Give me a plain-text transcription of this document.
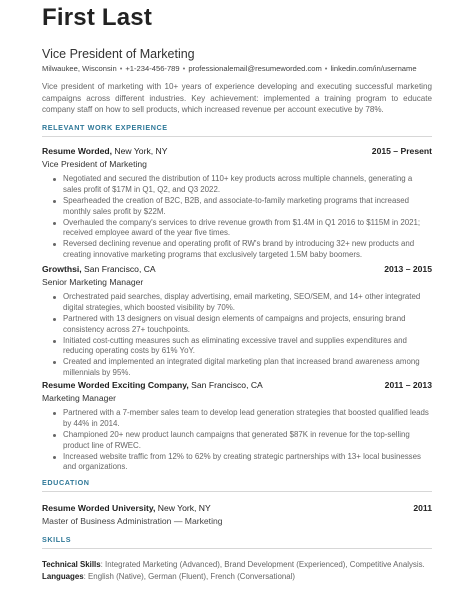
First Last
Vice President of Marketing
Milwaukee, Wisconsin • +1-234-456-789 • professionalemail@resumeworded.com • linkedin.com/in/username
Vice president of marketing with 10+ years of experience developing and executing successful marketing campaigns across different industries. Key achievement: implemented a training program to educate company staff on how to sell products, which increased revenue per account executive by 78%.
RELEVANT WORK EXPERIENCE
Resume Worded, New York, NY	2015 – Present
Vice President of Marketing
Negotiated and secured the distribution of 110+ key products across multiple channels, generating a sales profit of $17M in Q1, Q2, and Q3 2022.
Spearheaded the creation of B2C, B2B, and associate-to-family marketing programs that increased monthly sales profit by $22M.
Overhauled the company's services to drive revenue growth from $1.4M in Q1 2016 to $115M in 2021; received employee award of the year five times.
Reversed declining revenue and operating profit of RW's brand by introducing 32+ new products and creating innovative marketing programs that exclusively targeted 1.5M baby boomers.
Growthsi, San Francisco, CA	2013 – 2015
Senior Marketing Manager
Orchestrated paid searches, display advertising, email marketing, SEO/SEM, and 14+ other integrated digital strategies, which boosted visibility by 70%.
Partnered with 13 designers on visual design elements of campaigns and projects, ensuring brand consistency across 27+ touchpoints.
Initiated cost-cutting measures such as eliminating excessive travel and supplies expenditures and reducing operating costs by 61% YoY.
Created and implemented an integrated digital marketing plan that increased brand awareness among millennials by 95%.
Resume Worded Exciting Company, San Francisco, CA	2011 – 2013
Marketing Manager
Partnered with a 7-member sales team to develop lead generation strategies that boosted qualified leads by 44% in 2014.
Championed 20+ new product launch campaigns that generated $87K in revenue for the top-selling product line of RWEC.
Increased website traffic from 12% to 62% by creating strategic partnerships with 13+ local businesses and organizations.
EDUCATION
Resume Worded University, New York, NY	2011
Master of Business Administration — Marketing
SKILLS
Technical Skills: Integrated Marketing (Advanced), Brand Development (Experienced), Competitive Analysis.
Languages: English (Native), German (Fluent), French (Conversational)
